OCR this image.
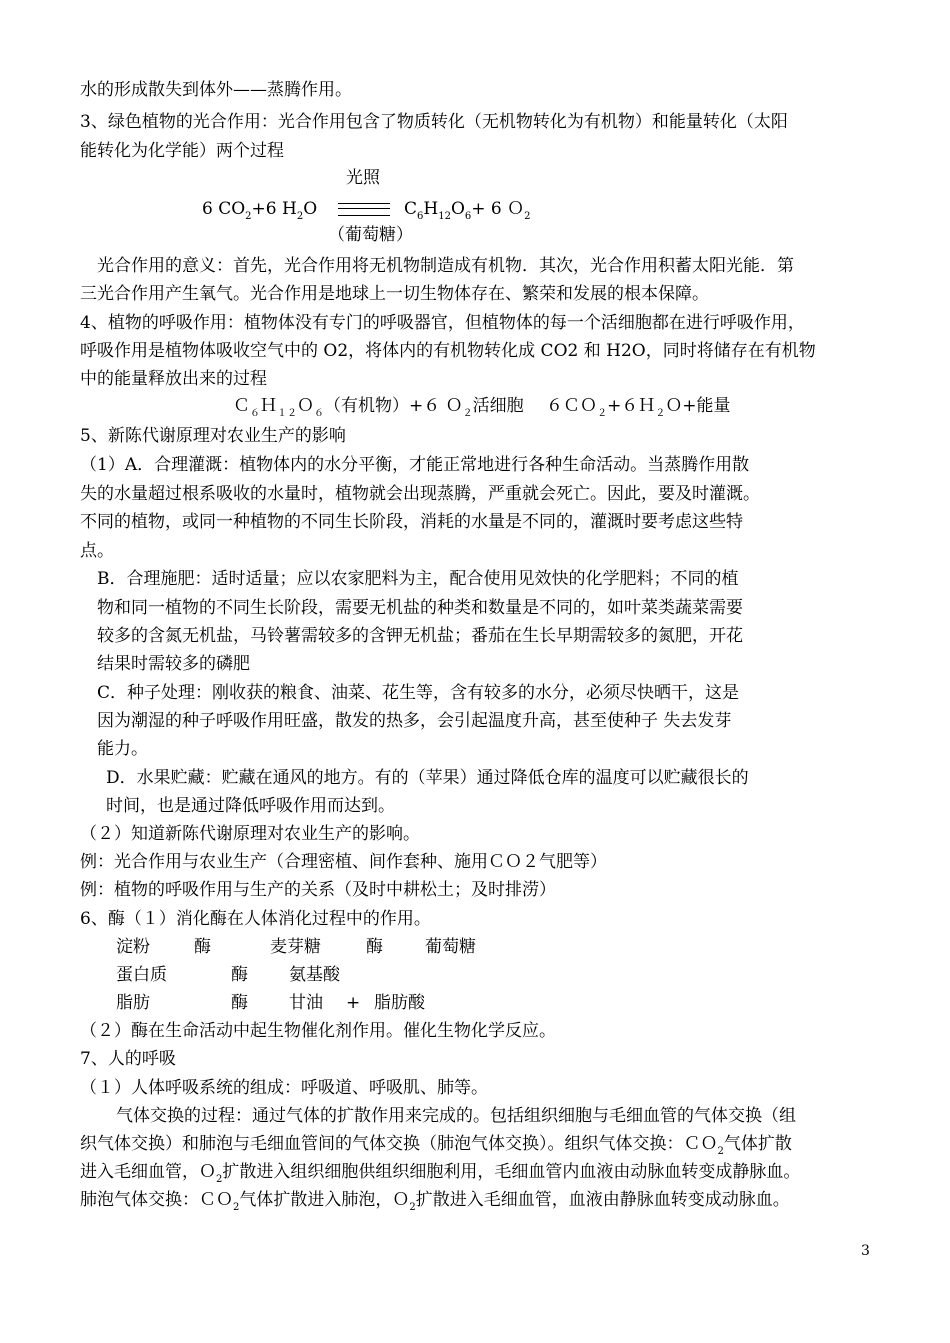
水的形成散失到体外——蒸腾作用。
3、绿色植物的光合作用：光合作用包含了物质转化（无机物转化为有机物）和能量转化（太阳
能转化为化学能）两个过程
光照
6 $CO_2+6$ $H_2O$	$C_6H_{12}O_6+ 6$ Ｏ$_2$
（葡萄糖）
光合作用的意义：首先，光合作用将无机物制造成有机物．其次，光合作用积蓄太阳光能．第
三光合作用产生氧气。光合作用是地球上一切生物体存在、繁荣和发展的根本保障。
4、植物的呼吸作用：植物体没有专门的呼吸器官，但植物体的每一个活细胞都在进行呼吸作用，
呼吸作用是植物体吸收空气中的 O2，将体内的有机物转化成 CO2 和 H2O，同时将储存在有机物
中的能量释放出来的过程
Ｃ$_6$Ｈ$_{12}$Ｏ$_6$（有机物）+６ Ｏ$_2$活细胞　 ６ＣＯ$_2$+６Ｈ$_2$Ｏ+能量
5、新陈代谢原理对农业生产的影响
（1）A．合理灌溉：植物体内的水分平衡，才能正常地进行各种生命活动。当蒸腾作用散
失的水量超过根系吸收的水量时，植物就会出现蒸腾，严重就会死亡。因此，要及时灌溉。
不同的植物，或同一种植物的不同生长阶段，消耗的水量是不同的，灌溉时要考虑这些特
点。
B．合理施肥：适时适量；应以农家肥料为主，配合使用见效快的化学肥料；不同的植
物和同一植物的不同生长阶段，需要无机盐的种类和数量是不同的，如叶菜类蔬菜需要
较多的含氮无机盐，马铃薯需较多的含钾无机盐；番茄在生长早期需较多的氮肥，开花
结果时需较多的磷肥
C．种子处理：刚收获的粮食、油菜、花生等，含有较多的水分，必须尽快晒干，这是
因为潮湿的种子呼吸作用旺盛，散发的热多，会引起温度升高，甚至使种子 失去发芽
能力。
D．水果贮藏：贮藏在通风的地方。有的（苹果）通过降低仓库的温度可以贮藏很长的
时间，也是通过降低呼吸作用而达到。
（２）知道新陈代谢原理对农业生产的影响。
例：光合作用与农业生产（合理密植、间作套种、施用ＣＯ２气肥等）
例：植物的呼吸作用与生产的关系（及时中耕松土；及时排涝）
6、酶（１）消化酶在人体消化过程中的作用。
淀粉	酶	麦芽糖	酶 葡萄糖
蛋白质	酶 氨基酸
脂肪	酶 甘油 + 脂肪酸
（２）酶在生命活动中起生物催化剂作用。催化生物化学反应。
7、人的呼吸
（１）人体呼吸系统的组成：呼吸道、呼吸肌、肺等。
气体交换的过程：通过气体的扩散作用来完成的。包括组织细胞与毛细血管的气体交换（组
织气体交换）和肺泡与毛细血管间的气体交换（肺泡气体交换）。组织气体交换：ＣＯ$_2$气体扩散
进入毛细血管，Ｏ$_2$扩散进入组织细胞供组织细胞利用，毛细血管内血液由动脉血转变成静脉血。
肺泡气体交换：ＣＯ$_2$气体扩散进入肺泡，Ｏ$_2$扩散进入毛细血管，血液由静脉血转变成动脉血。
3
